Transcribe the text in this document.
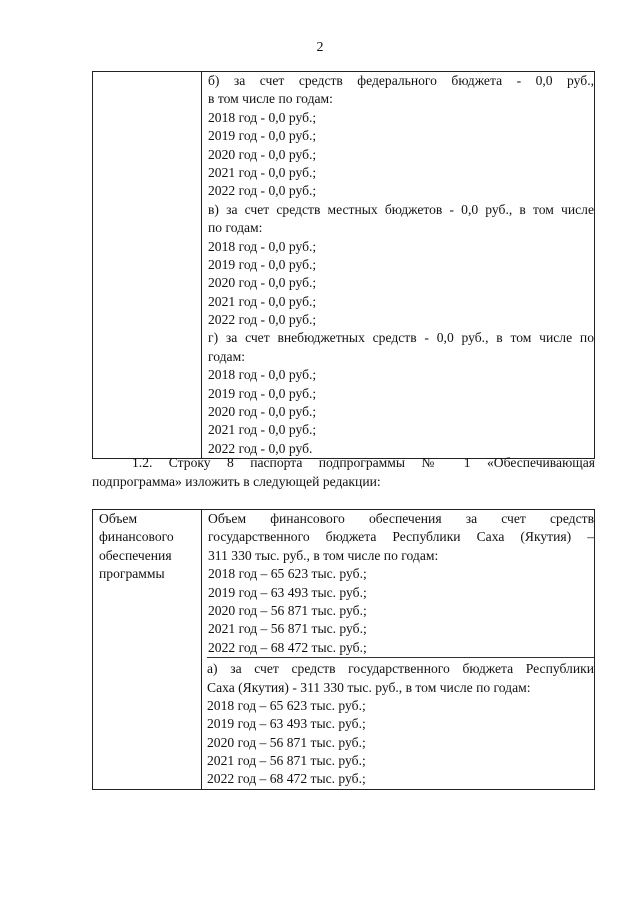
2

б) за счет средств федерального бюджета - 0,0 руб.,
в том числе по годам:
2018 год - 0,0 руб.;
2019 год - 0,0 руб.;
2020 год - 0,0 руб.;
2021 год - 0,0 руб.;
2022 год - 0,0 руб.;
в) за счет средств местных бюджетов - 0,0 руб., в том числе
по годам:
2018 год - 0,0 руб.;
2019 год - 0,0 руб.;
2020 год - 0,0 руб.;
2021 год - 0,0 руб.;
2022 год - 0,0 руб.;
г) за счет внебюджетных средств - 0,0 руб., в том числе по
годам:
2018 год - 0,0 руб.;
2019 год - 0,0 руб.;
2020 год - 0,0 руб.;
2021 год - 0,0 руб.;
2022 год - 0,0 руб.
1.2. Строку 8 паспорта подпрограммы № 1 «Обеспечивающая
подпрограмма» изложить в следующей редакции:
Объем
финансового
обеспечения
программы

Объем финансового обеспечения за счет средств
государственного бюджета Республики Саха (Якутия) –
311 330 тыс. руб., в том числе по годам:
2018 год – 65 623 тыс. руб.;
2019 год – 63 493 тыс. руб.;
2020 год – 56 871 тыс. руб.;
2021 год – 56 871 тыс. руб.;
2022 год – 68 472 тыс. руб.;
а) за счет средств государственного бюджета Республики
Саха (Якутия) - 311 330 тыс. руб., в том числе по годам:
2018 год – 65 623 тыс. руб.;
2019 год – 63 493 тыс. руб.;
2020 год – 56 871 тыс. руб.;
2021 год – 56 871 тыс. руб.;
2022 год – 68 472 тыс. руб.;
